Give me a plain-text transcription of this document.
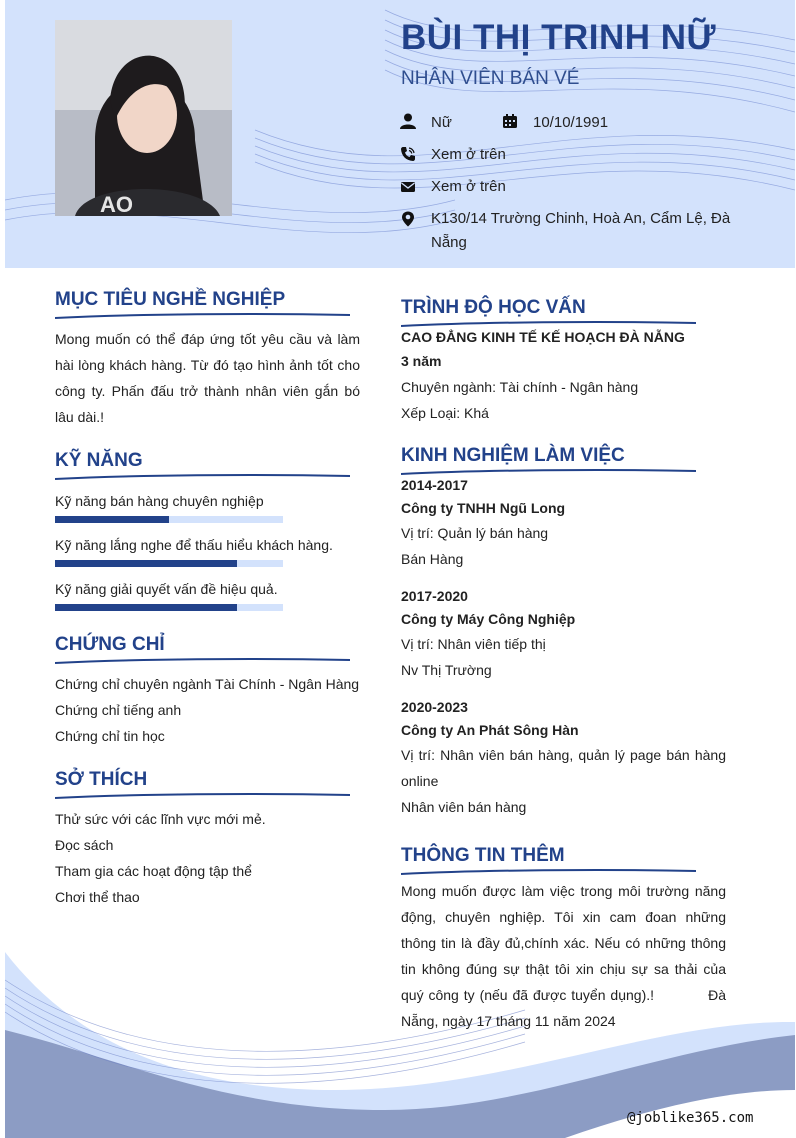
AO
BÙI THỊ TRINH NỮ
NHÂN VIÊN BÁN VÉ
Nữ	10/10/1991
Xem ở trên
Xem ở trên
K130/14 Trường Chinh, Hoà An, Cẩm Lệ, Đà Nẵng
MỤC TIÊU NGHỀ NGHIỆP
Mong muốn có thể đáp ứng tốt yêu cầu và làm hài lòng khách hàng. Từ đó tạo hình ảnh tốt cho công ty. Phấn đấu trở thành nhân viên gắn bó lâu dài.!
KỸ NĂNG
Kỹ năng bán hàng chuyên nghiệp
Kỹ năng lắng nghe để thấu hiểu khách hàng.
Kỹ năng giải quyết vấn đề hiệu quả.
CHỨNG CHỈ
Chứng chỉ chuyên ngành Tài Chính - Ngân Hàng
Chứng chỉ tiếng anh
Chứng chỉ tin học
SỞ THÍCH
Thử sức với các lĩnh vực mới mẻ.
Đọc sách
Tham gia các hoạt động tập thể
Chơi thể thao
TRÌNH ĐỘ HỌC VẤN
CAO ĐẲNG KINH TẾ KẾ HOẠCH ĐÀ NẴNG
3 năm
Chuyên ngành: Tài chính - Ngân hàng
Xếp Loại: Khá
KINH NGHIỆM LÀM VIỆC
2014-2017
Công ty TNHH Ngũ Long
Vị trí: Quản lý bán hàng
Bán Hàng
2017-2020
Công ty Máy Công Nghiệp
Vị trí: Nhân viên tiếp thị
Nv Thị Trường
2020-2023
Công ty An Phát Sông Hàn
Vị trí: Nhân viên bán hàng, quản lý page bán hàng online
Nhân viên bán hàng
THÔNG TIN THÊM
Mong muốn được làm việc trong môi trường năng động, chuyên nghiệp. Tôi xin cam đoan những thông tin là đầy đủ,chính xác. Nếu có những thông tin không đúng sự thật tôi xin chịu sự sa thải của quý công ty (nếu đã được tuyển dụng).!           Đà Nẵng, ngày 17 tháng 11 năm 2024
@joblike365.com
